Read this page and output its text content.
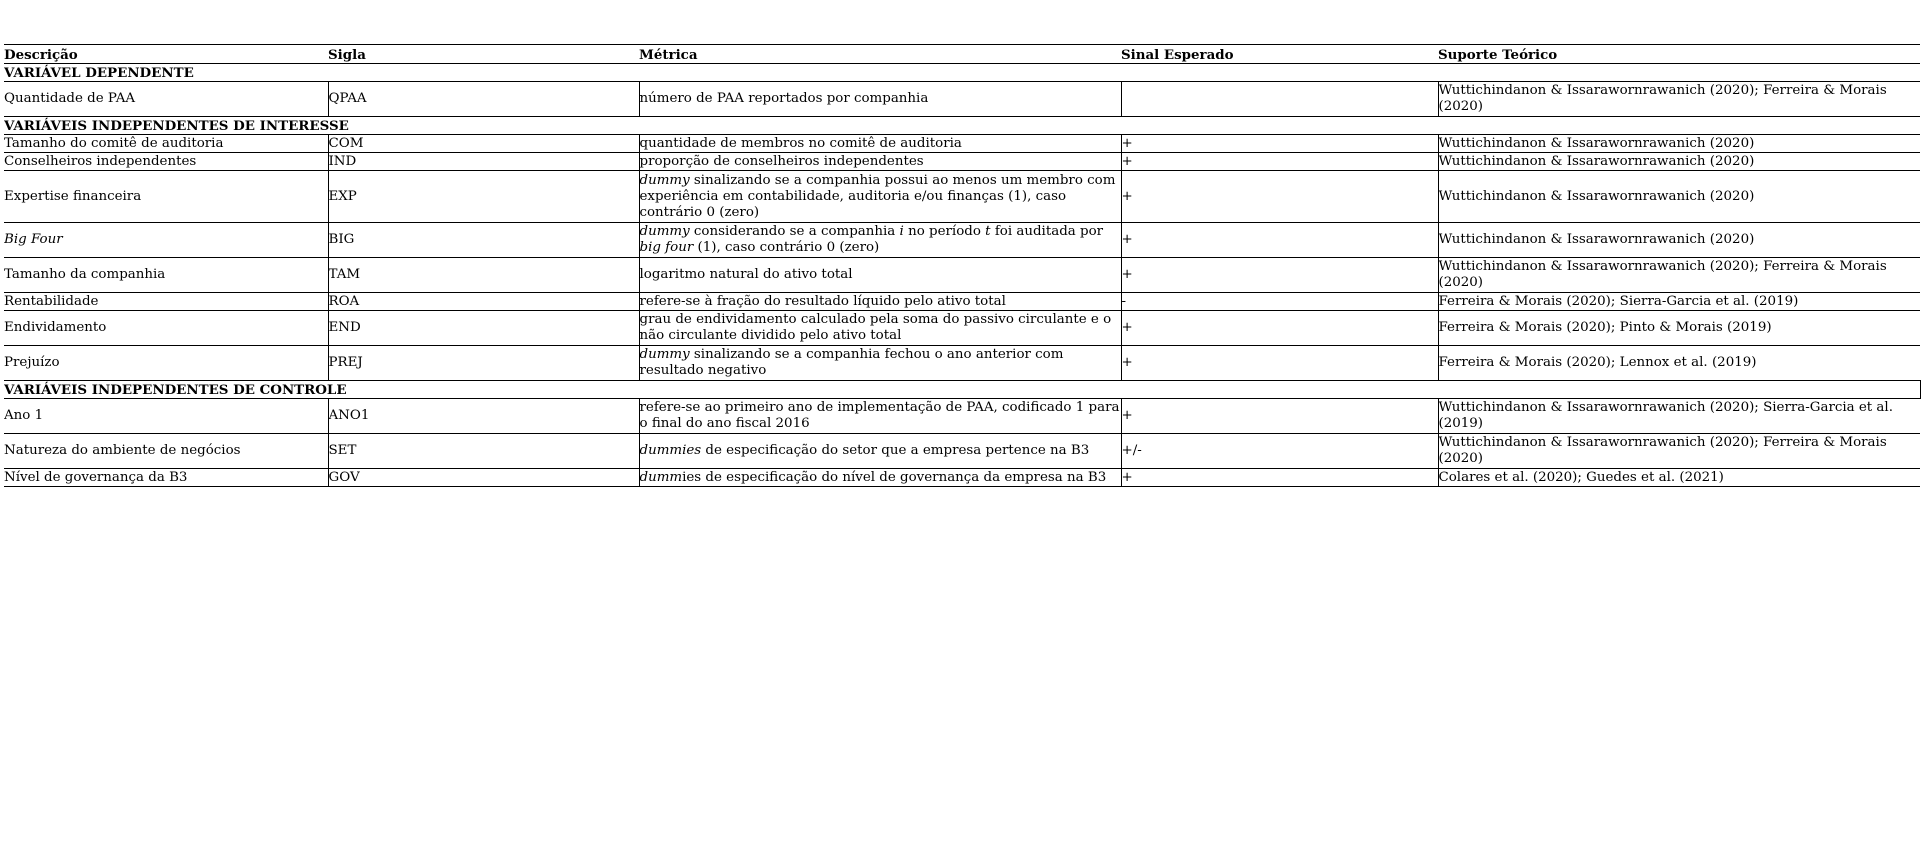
Descrição	Sigla	Métrica	Sinal Esperado	Suporte Teórico
VARIÁVEL DEPENDENTE				
Quantidade de PAA	QPAA	número de PAA reportados por companhia		Wuttichindanon & Issarawornrawanich (2020); Ferreira & Morais (2020)
VARIÁVEIS INDEPENDENTES DE INTERESSE				
Tamanho do comitê de auditoria	COM	quantidade de membros no comitê de auditoria	+	Wuttichindanon & Issarawornrawanich (2020)
Conselheiros independentes	IND	proporção de conselheiros independentes	+	Wuttichindanon & Issarawornrawanich (2020)
Expertise financeira	EXP	dummy sinalizando se a companhia possui ao menos um membro com experiência em contabilidade, auditoria e/ou finanças (1), caso contrário 0 (zero)	+	Wuttichindanon & Issarawornrawanich (2020)
Big Four	BIG	dummy considerando se a companhia i no período t foi auditada por big four (1), caso contrário 0 (zero)	+	Wuttichindanon & Issarawornrawanich (2020)
Tamanho da companhia	TAM	logaritmo natural do ativo total	+	Wuttichindanon & Issarawornrawanich (2020); Ferreira & Morais (2020)
Rentabilidade	ROA	refere-se à fração do resultado líquido pelo ativo total	-	Ferreira & Morais (2020); Sierra-Garcia et al. (2019)
Endividamento	END	grau de endividamento calculado pela soma do passivo circulante e o não circulante dividido pelo ativo total	+	Ferreira & Morais (2020); Pinto & Morais (2019)
Prejuízo	PREJ	dummy sinalizando se a companhia fechou o ano anterior com resultado negativo	+	Ferreira & Morais (2020); Lennox et al. (2019)
VARIÁVEIS INDEPENDENTES DE CONTROLE				
Ano 1	ANO1	refere-se ao primeiro ano de implementação de PAA, codificado 1 para o final do ano fiscal 2016	+	Wuttichindanon & Issarawornrawanich (2020); Sierra-Garcia et al. (2019)
Natureza do ambiente de negócios	SET	dummies de especificação do setor que a empresa pertence na B3	+/-	Wuttichindanon & Issarawornrawanich (2020); Ferreira & Morais (2020)
Nível de governança da B3	GOV	dummies de especificação do nível de governança da empresa na B3	+	Colares et al. (2020); Guedes et al. (2021)
